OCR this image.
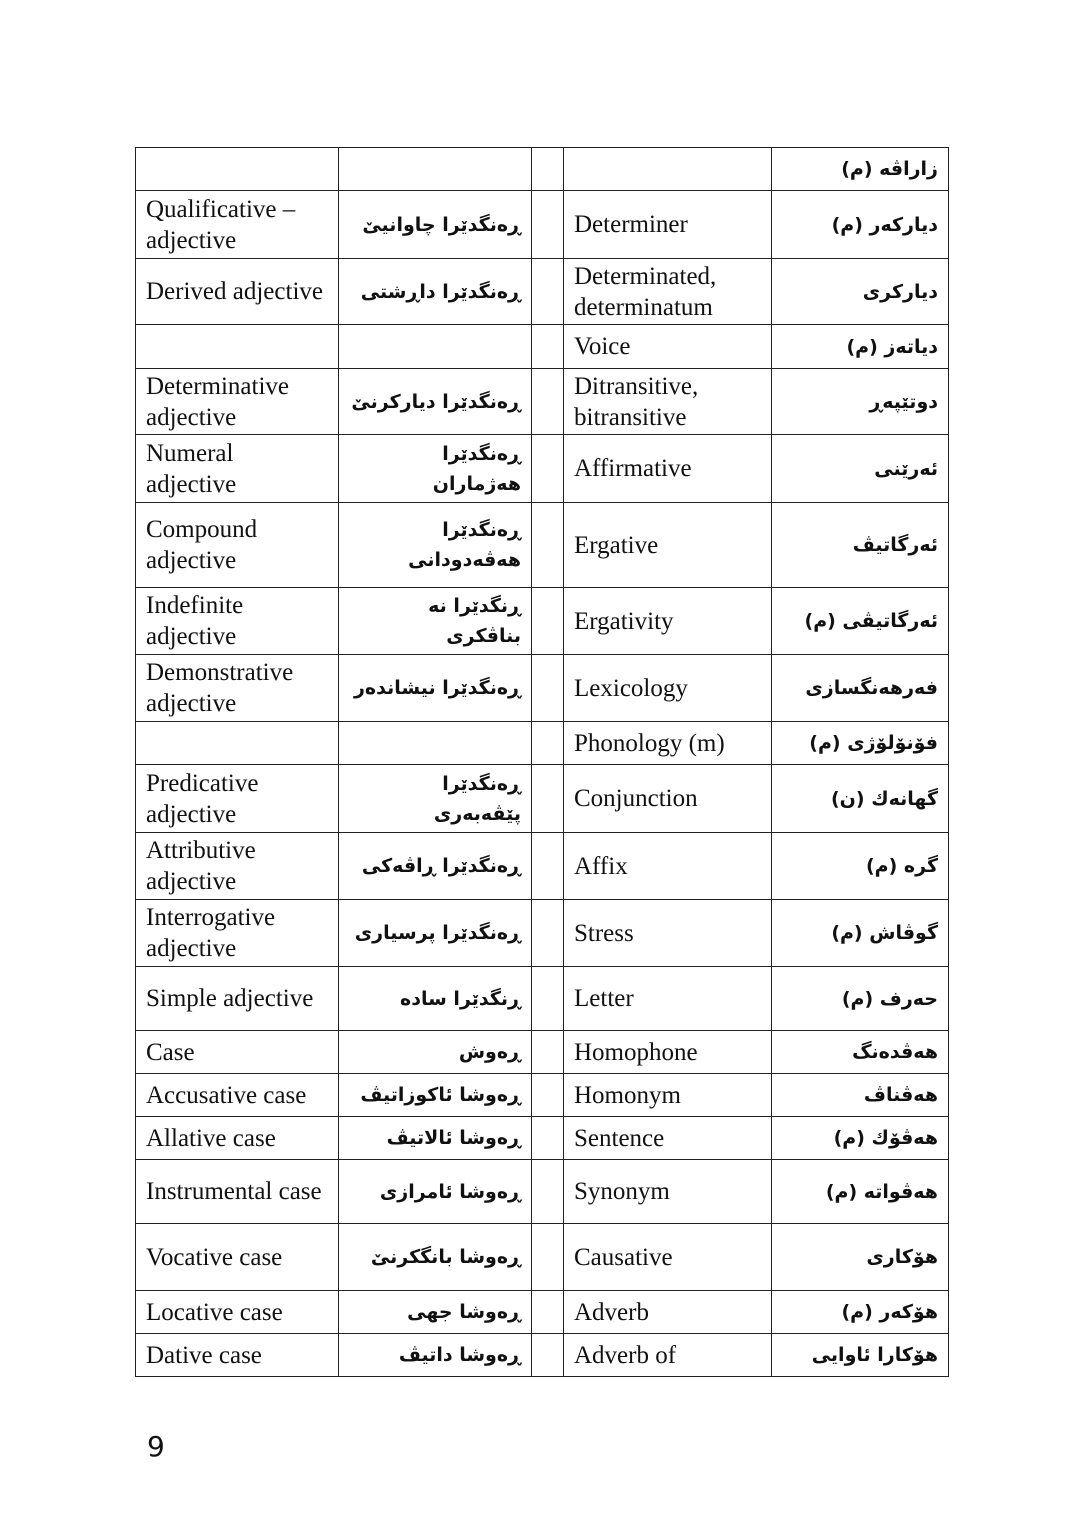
				زاراڤە (م)
Qualificative – adjective	ڕەنگدێرا چاوانیێ		Determiner	دیارکەر (م)
Derived adjective	ڕەنگدێرا داڕشتی		Determinated, determinatum	دیارکری
			Voice	دیاتەز (م)
Determinative adjective	ڕەنگدێرا دیارکرنێ		Ditransitive, bitransitive	دوتێپەڕ
Numeral adjective	ڕەنگدێرا هەژماران		Affirmative	ئەرێنی
Compound adjective	ڕەنگدێرا هەڤەدودانی		Ergative	ئەرگاتیڤ
Indefinite adjective	ڕنگدێرا نە بناڤکری		Ergativity	ئەرگاتیڤی (م)
Demonstrative adjective	ڕەنگدێرا نیشاندەر		Lexicology	فەرهەنگسازی
			Phonology (m)	فۆنۆلۆژی (م)
Predicative adjective	ڕەنگدێرا پێڤەبەری		Conjunction	گهانەك (ن)
Attributive adjective	ڕەنگدێرا ڕاڤەکی		Affix	گرە (م)
Interrogative adjective	ڕەنگدێرا پرسیاری		Stress	گوڤاش (م)
Simple adjective	ڕنگدێرا سادە		Letter	حەرف (م)
Case	ڕەوش		Homophone	هەڤدەنگ
Accusative case	ڕەوشا ئاکوزاتیڤ		Homonym	هەڤناڤ
Allative case	ڕەوشا ئالاتیڤ		Sentence	هەڤۆك (م)
Instrumental case	ڕەوشا ئامرازی		Synonym	هەڤواتە (م)
Vocative case	ڕەوشا بانگکرنێ		Causative	هۆکاری
Locative case	ڕەوشا جهی		Adverb	هۆکەر (م)
Dative case	ڕەوشا داتیڤ		Adverb of	هۆکارا ئاوایی
9
